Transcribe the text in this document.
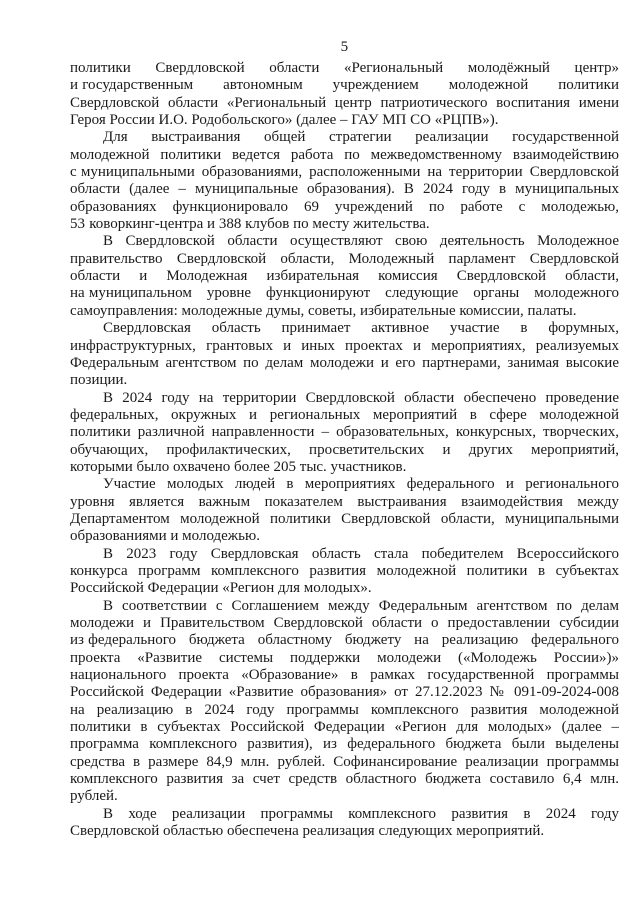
5
политики Свердловской области «Региональный молодёжный центр»
и государственным автономным учреждением молодежной политики
Свердловской области «Региональный центр патриотического воспитания имени
Героя России И.О. Родобольского» (далее – ГАУ МП СО «РЦПВ»).
Для выстраивания общей стратегии реализации государственной
молодежной политики ведется работа по межведомственному взаимодействию
с муниципальными образованиями, расположенными на территории Свердловской
области (далее – муниципальные образования). В 2024 году в муниципальных
образованиях функционировало 69 учреждений по работе с молодежью,
53 коворкинг-центра и 388 клубов по месту жительства.
В Свердловской области осуществляют свою деятельность Молодежное
правительство Свердловской области, Молодежный парламент Свердловской
области и Молодежная избирательная комиссия Свердловской области,
на муниципальном уровне функционируют следующие органы молодежного
самоуправления: молодежные думы, советы, избирательные комиссии, палаты.
Свердловская область принимает активное участие в форумных,
инфраструктурных, грантовых и иных проектах и мероприятиях, реализуемых
Федеральным агентством по делам молодежи и его партнерами, занимая высокие
позиции.
В 2024 году на территории Свердловской области обеспечено проведение
федеральных, окружных и региональных мероприятий в сфере молодежной
политики различной направленности – образовательных, конкурсных, творческих,
обучающих, профилактических, просветительских и других мероприятий,
которыми было охвачено более 205 тыс. участников.
Участие молодых людей в мероприятиях федерального и регионального
уровня является важным показателем выстраивания взаимодействия между
Департаментом молодежной политики Свердловской области, муниципальными
образованиями и молодежью.
В 2023 году Свердловская область стала победителем Всероссийского
конкурса программ комплексного развития молодежной политики в субъектах
Российской Федерации «Регион для молодых».
В соответствии с Соглашением между Федеральным агентством по делам
молодежи и Правительством Свердловской области о предоставлении субсидии
из федерального бюджета областному бюджету на реализацию федерального
проекта «Развитие системы поддержки молодежи («Молодежь России»)»
национального проекта «Образование» в рамках государственной программы
Российской Федерации «Развитие образования» от 27.12.2023 № 091-09-2024-008
на реализацию в 2024 году программы комплексного развития молодежной
политики в субъектах Российской Федерации «Регион для молодых» (далее –
программа комплексного развития), из федерального бюджета были выделены
средства в размере 84,9 млн. рублей. Софинансирование реализации программы
комплексного развития за счет средств областного бюджета составило 6,4 млн.
рублей.
В ходе реализации программы комплексного развития в 2024 году
Свердловской областью обеспечена реализация следующих мероприятий.
